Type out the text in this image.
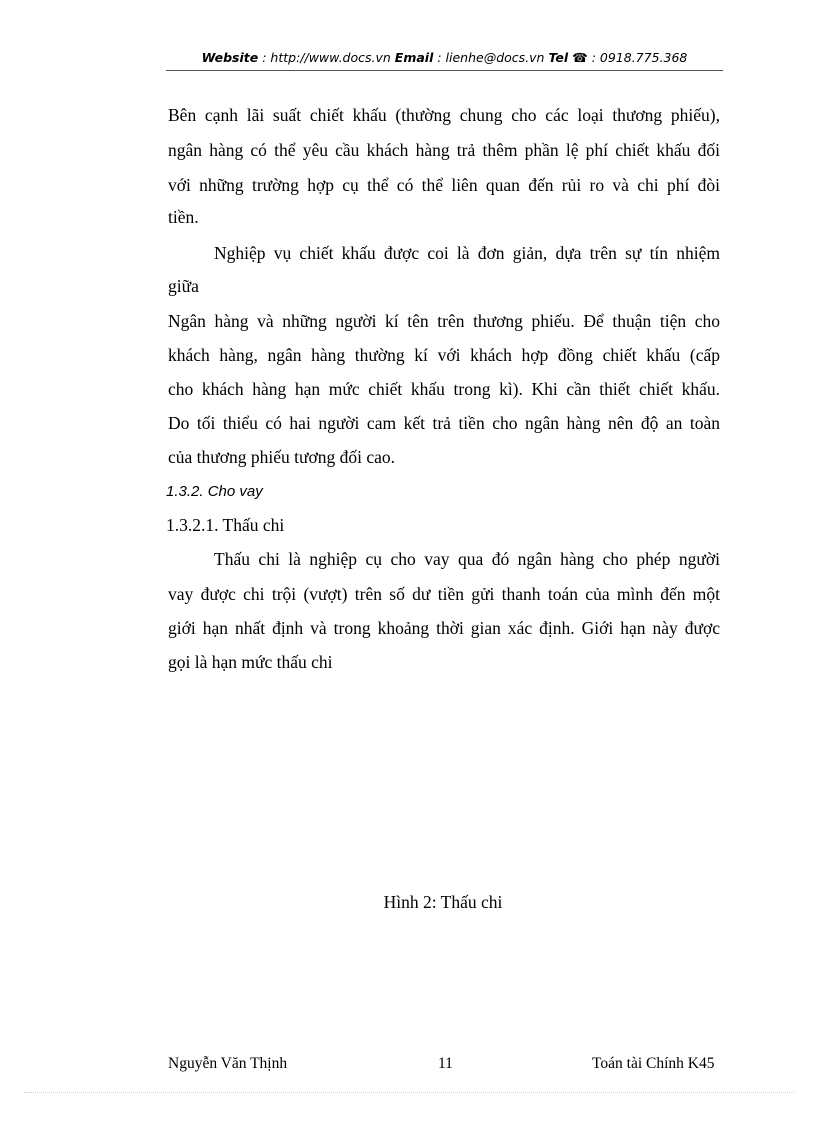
Website : http://www.docs.vn Email : lienhe@docs.vn Tel ☎ : 0918.775.368
Bên cạnh lãi suất chiết khấu (thường chung cho các loại thương phiếu),
ngân hàng có thể yêu cầu khách hàng trả thêm phần lệ phí chiết khấu đối
với những trường hợp cụ thể có thể liên quan đến rủi ro và chi phí đòi
tiền.
Nghiệp vụ chiết khấu được coi là đơn giản, dựa trên sự tín nhiệm
giữa
Ngân hàng và những người kí tên trên thương phiếu. Để thuận tiện cho
khách hàng, ngân hàng thường kí với khách hợp đồng chiết khấu (cấp
cho khách hàng hạn mức chiết khấu trong kì). Khi cần thiết chiết khấu.
Do tối thiểu có hai người cam kết trả tiền cho ngân hàng nên độ an toàn
của thương phiếu tương đối cao.
1.3.2. Cho vay
1.3.2.1. Thấu chi
Thấu chi là nghiệp cụ cho vay qua đó ngân hàng cho phép người
vay được chi trội (vượt) trên số dư tiền gửi thanh toán của mình đến một
giới hạn nhất định và trong khoảng thời gian xác định. Giới hạn này được
gọi là hạn mức thấu chi
Hình 2: Thấu chi
Nguyễn Văn Thịnh	11	Toán tài Chính K45
